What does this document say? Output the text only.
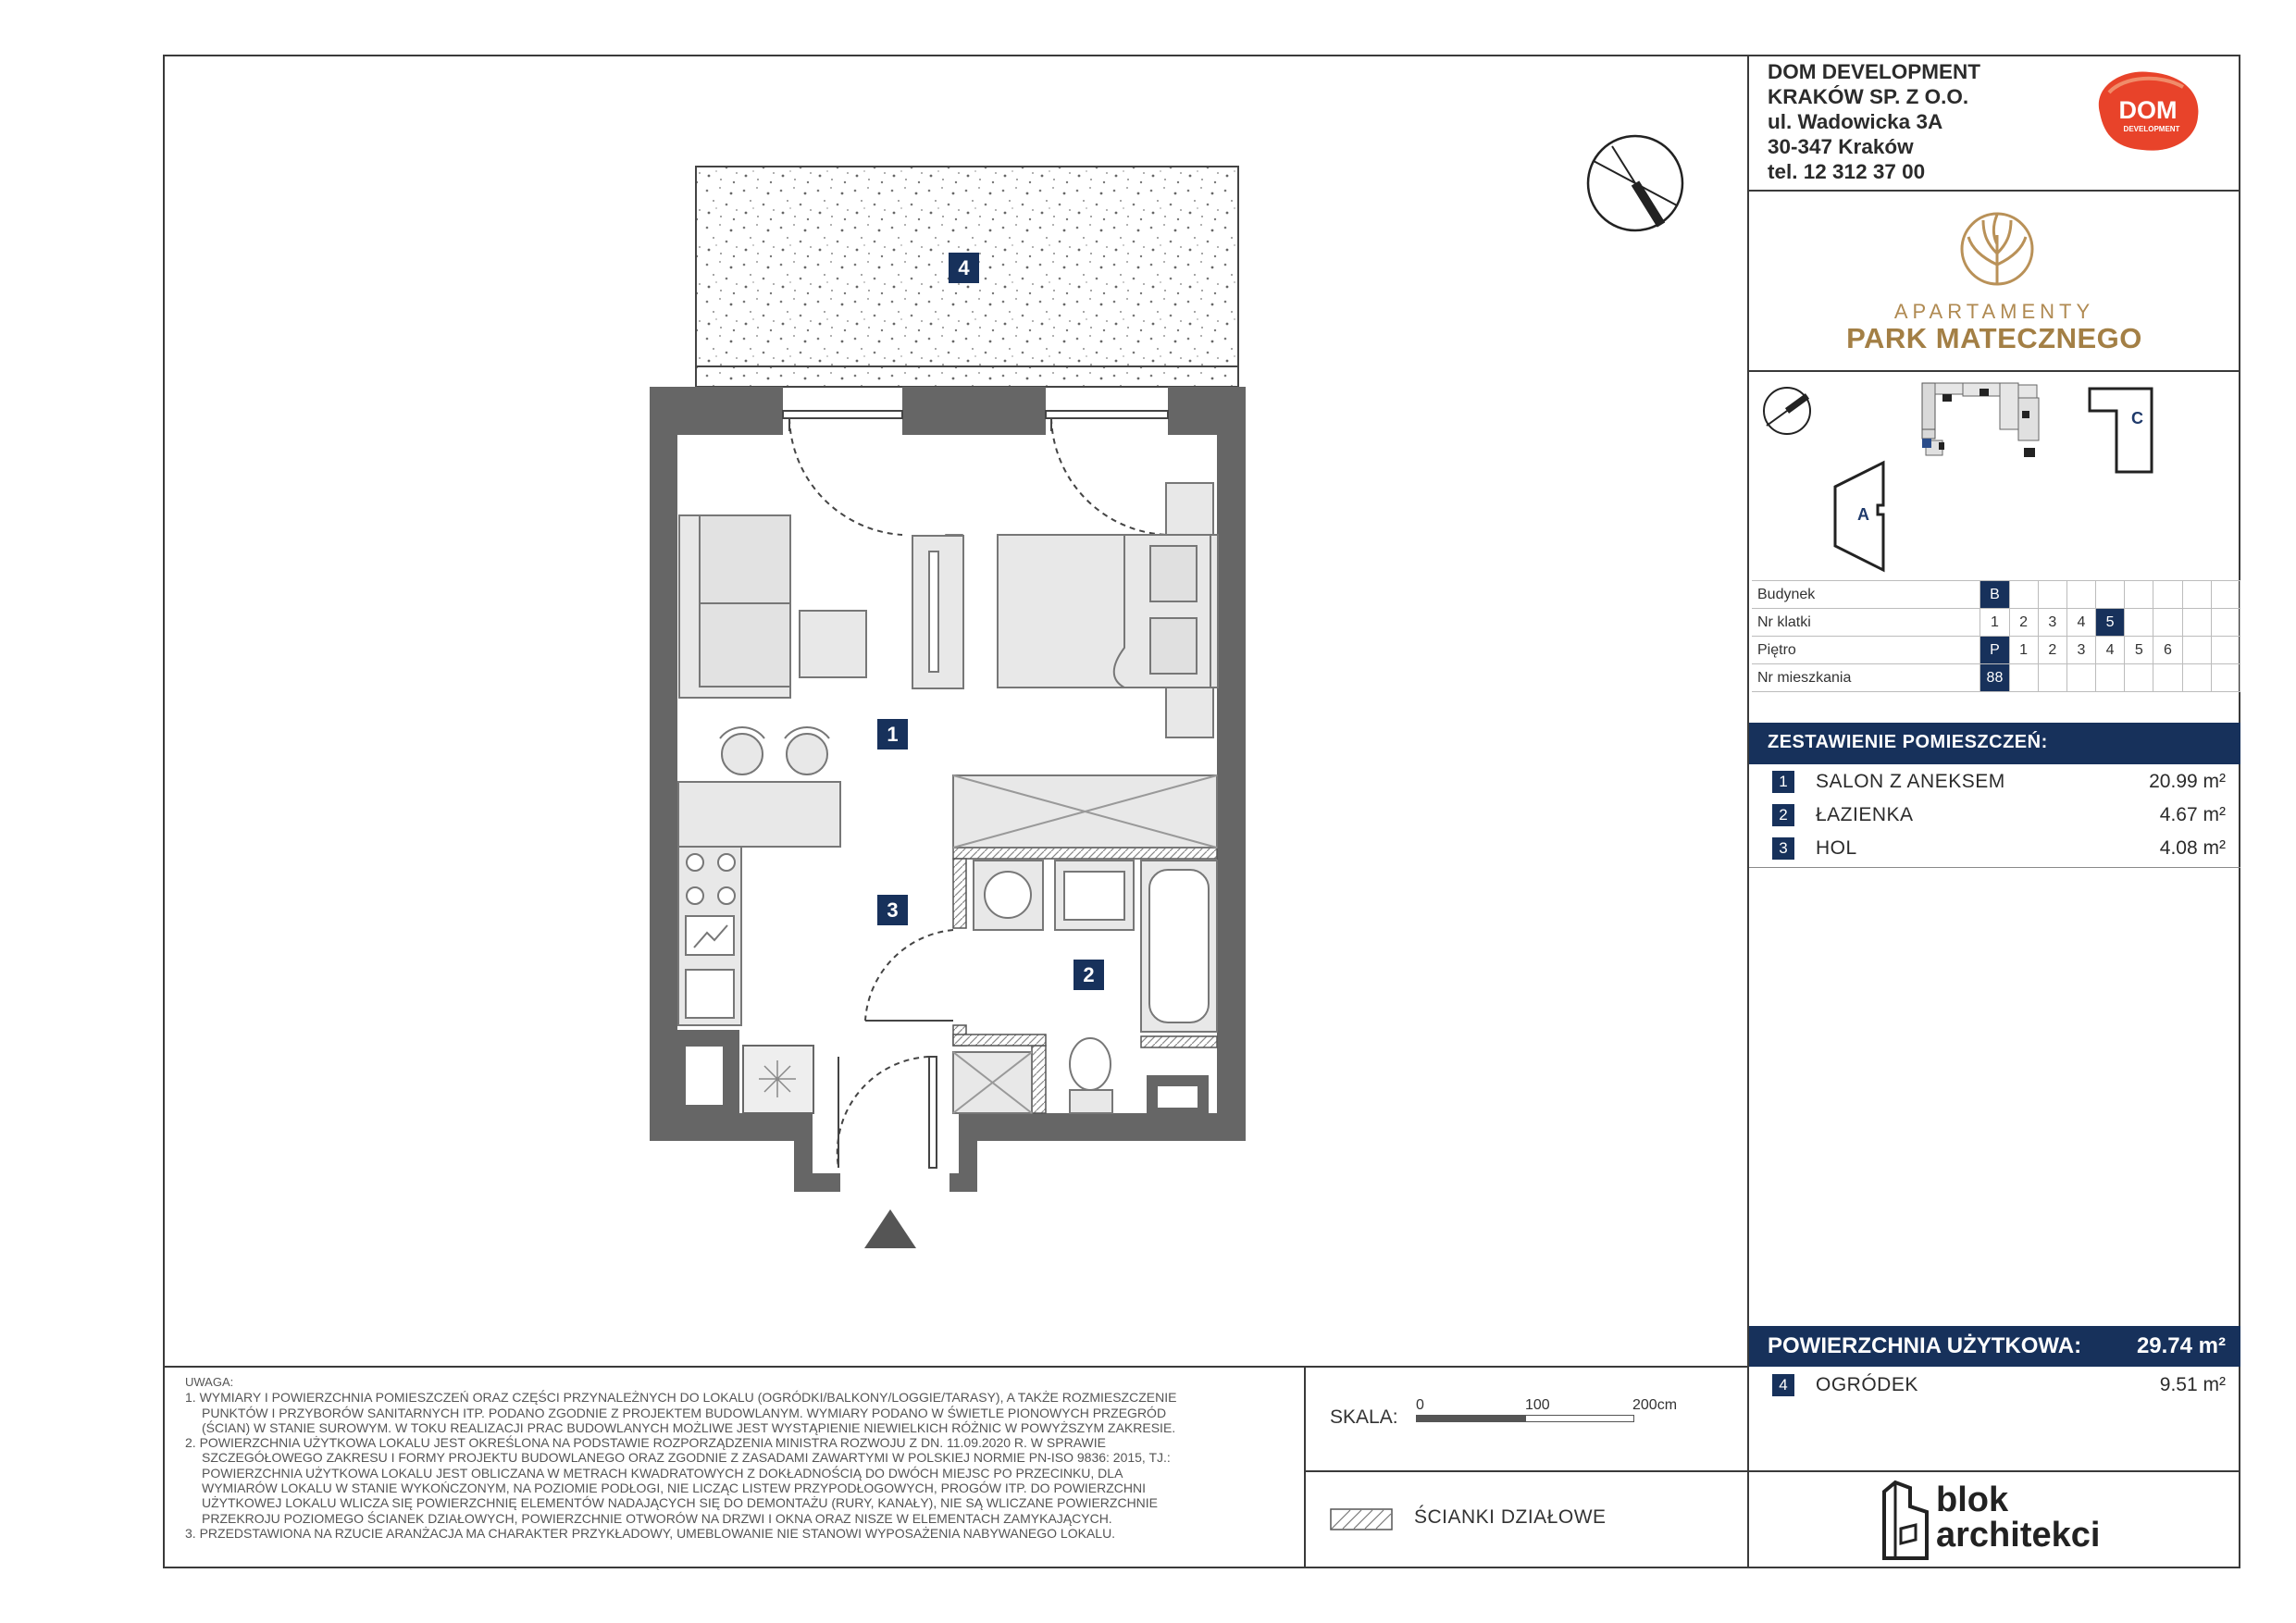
DOM DEVELOPMENT
KRAKÓW SP. Z O.O.
ul. Wadowicka 3A
30-347 Kraków
tel. 12 312 37 00
DOM
DEVELOPMENT
APARTAMENTY
PARK MATECZNEGO
C
A
Budynek	B								
Nr klatki	1	2	3	4	5				
Piętro	P	1	2	3	4	5	6		
Nr mieszkania	88								
ZESTAWIENIE POMIESZCZEŃ:
1	SALON Z ANEKSEM	20.99 m²
2	ŁAZIENKA	4.67 m²
3	HOL	4.08 m²
POWIERZCHNIA UŻYTKOWA: 29.74 m²
4	OGRÓDEK	9.51 m²

UWAGA:

1. WYMIARY I POWIERZCHNIA POMIESZCZEŃ ORAZ CZĘŚCI PRZYNALEŻNYCH DO LOKALU (OGRÓDKI/BALKONY/LOGGIE/TARASY), A TAKŻE ROZMIESZCZENIE

PUNKTÓW I PRZYBORÓW SANITARNYCH ITP. PODANO ZGODNIE Z PROJEKTEM BUDOWLANYM. WYMIARY PODANO W ŚWIETLE PIONOWYCH PRZEGRÓD

(ŚCIAN) W STANIE SUROWYM. W TOKU REALIZACJI PRAC BUDOWLANYCH MOŻLIWE JEST WYSTĄPIENIE NIEWIELKICH RÓŻNIC W POWYŻSZYM ZAKRESIE.

2. POWIERZCHNIA UŻYTKOWA LOKALU JEST OKREŚLONA NA PODSTAWIE ROZPORZĄDZENIA MINISTRA ROZWOJU Z DN. 11.09.2020 R. W SPRAWIE

SZCZEGÓŁOWEGO ZAKRESU I FORMY PROJEKTU BUDOWLANEGO ORAZ ZGODNIE Z ZASADAMI ZAWARTYMI W POLSKIEJ NORMIE PN-ISO 9836: 2015, TJ.:

POWIERZCHNIA UŻYTKOWA LOKALU JEST OBLICZANA W METRACH KWADRATOWYCH Z DOKŁADNOŚCIĄ DO DWÓCH MIEJSC PO PRZECINKU, DLA

WYMIARÓW LOKALU W STANIE WYKOŃCZONYM, NA POZIOMIE PODŁOGI, NIE LICZĄC LISTEW PRZYPODŁOGOWYCH, PROGÓW ITP. DO POWIERZCHNI

UŻYTKOWEJ LOKALU WLICZA SIĘ POWIERZCHNIĘ ELEMENTÓW NADAJĄCYCH SIĘ DO DEMONTAŻU (RURY, KANAŁY), NIE SĄ WLICZANE POWIERZCHNIE

PRZEKROJU POZIOMEGO ŚCIANEK DZIAŁOWYCH, POWIERZCHNIE OTWORÓW NA DRZWI I OKNA ORAZ NISZE W ELEMENTACH ZAMYKAJĄCYCH.

3. PRZEDSTAWIONA NA RZUCIE ARANŻACJA MA CHARAKTER PRZYKŁADOWY, UMEBLOWANIE NIE STANOWI WYPOSAŻENIA NABYWANEGO LOKALU.

SKALA:
0	100	200cm
ŚCIANKI DZIAŁOWE	blok
architekci
4
1
3
2
